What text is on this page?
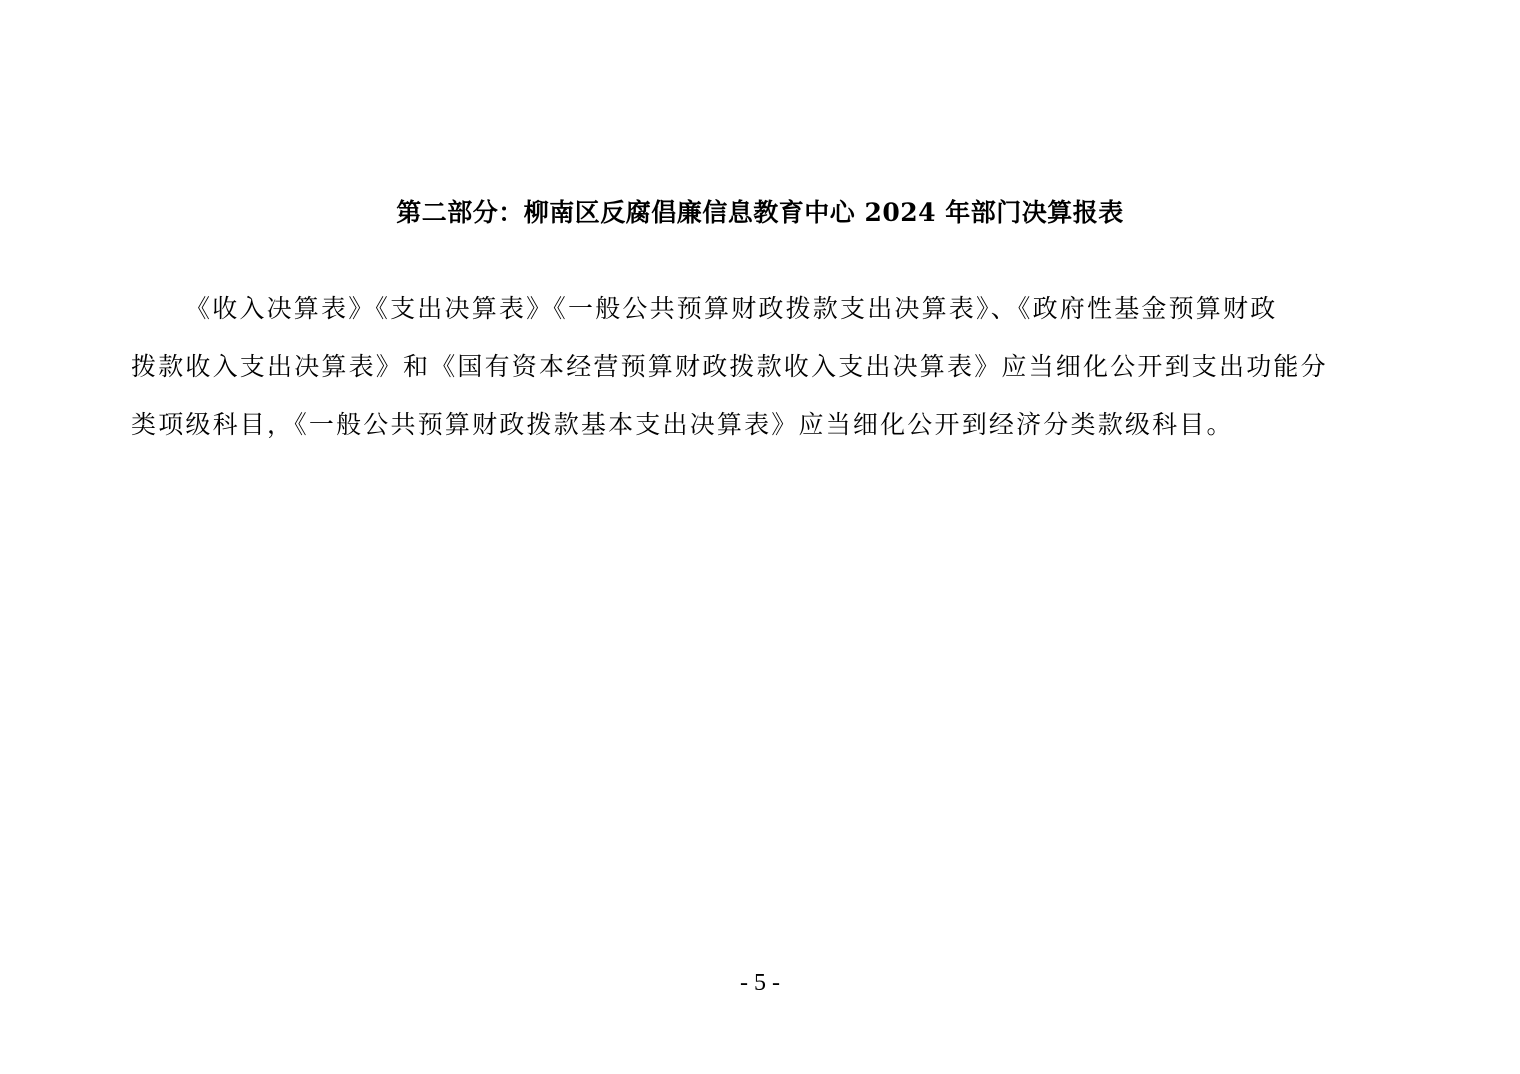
第二部分：柳南区反腐倡廉信息教育中心 2024 年部门决算报表
《收入决算表》《支出决算表》《一般公共预算财政拨款支出决算表》、《政府性基金预算财政
拨款收入支出决算表》和《国有资本经营预算财政拨款收入支出决算表》应当细化公开到支出功能分
类项级科目，《一般公共预算财政拨款基本支出决算表》应当细化公开到经济分类款级科目。
- 5 -
